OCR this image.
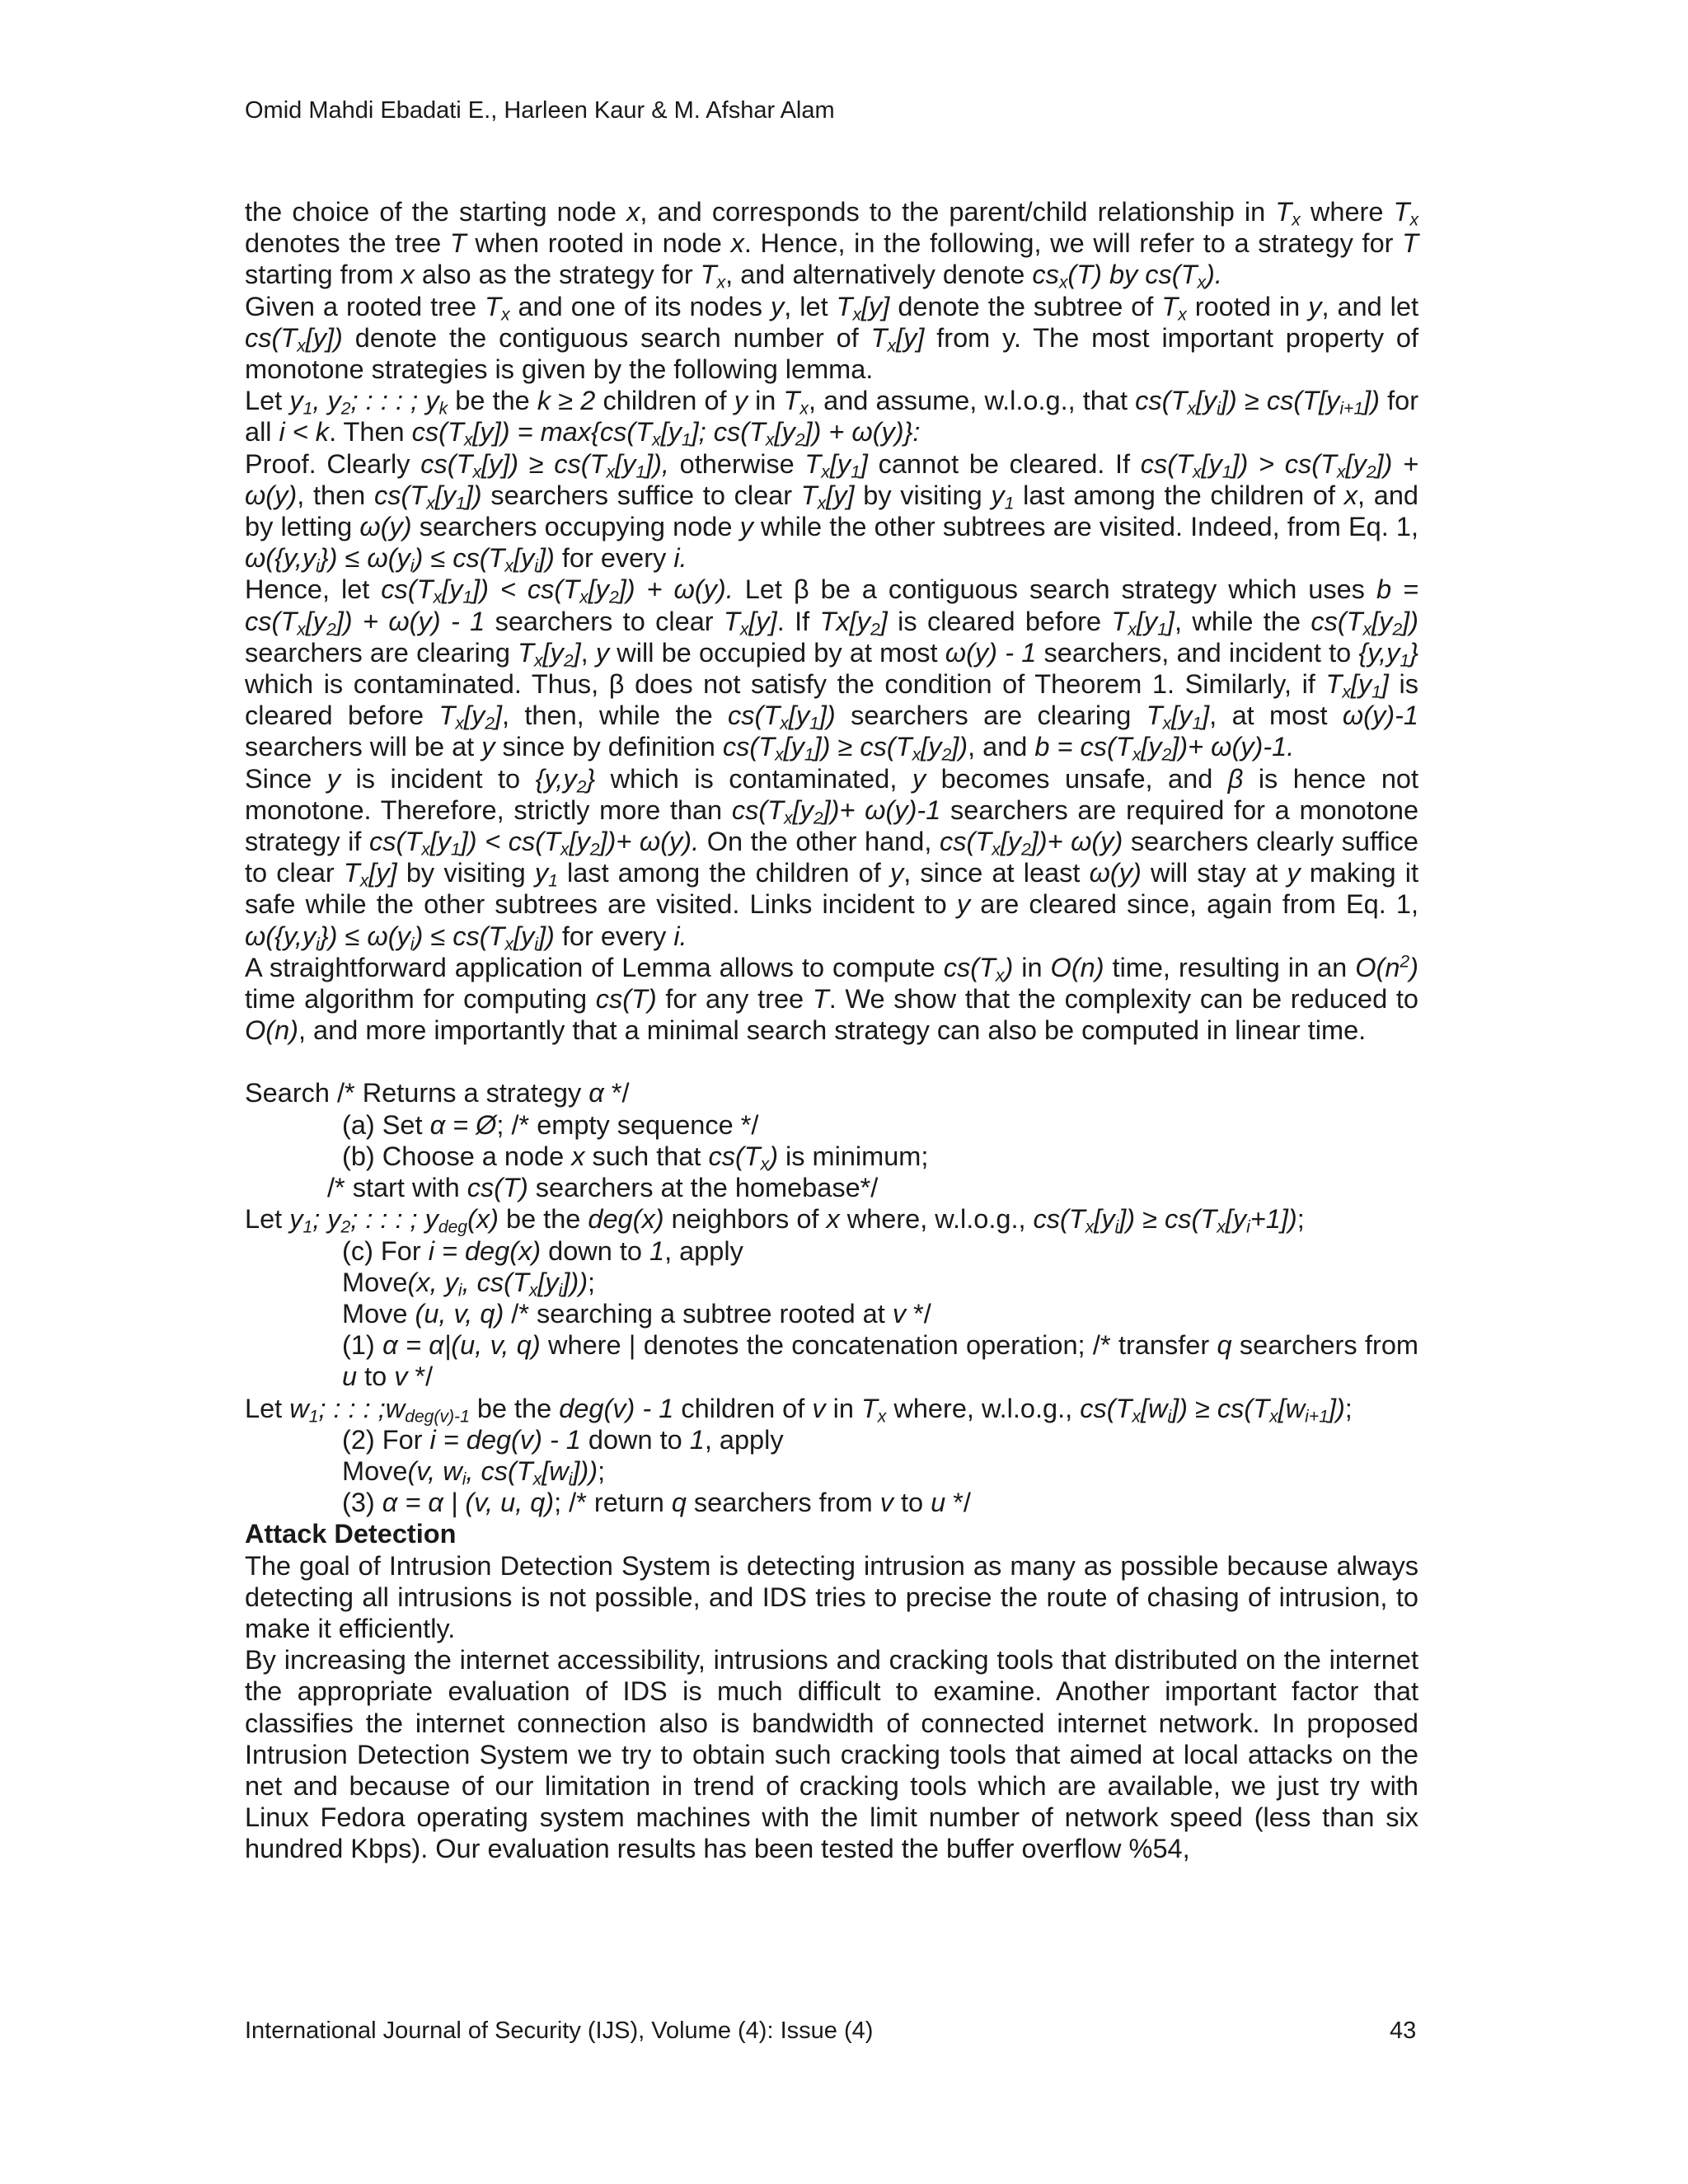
Omid Mahdi Ebadati E., Harleen Kaur & M. Afshar Alam

the choice of the starting node x, and corresponds to the parent/child relationship in $T_x$ where $T_x$ denotes the tree T when rooted in node x. Hence, in the following, we will refer to a strategy for T starting from x also as the strategy for $T_x$, and alternatively denote $cs_x(T)$ by $cs(T_x)$.

Given a rooted tree $T_x$ and one of its nodes y, let $T_x[y]$ denote the subtree of $T_x$ rooted in y, and let $cs(T_x[y])$ denote the contiguous search number of $T_x[y]$ from y. The most important property of monotone strategies is given by the following lemma.

Let $y_1$, $y_2$; : : : ; $y_k$ be the k ≥ 2 children of y in $T_x$, and assume, w.l.o.g., that $cs(T_x[y_i]) \ge cs(T[y_{i+1}])$ for all i < k. Then $cs(T_x[y]) = \max\{cs(T_x[y_1]$; $cs(T_x[y_2]) + \omega(y)$}:

Proof. Clearly $cs(T_x[y]) \ge cs(T_x[y_1])$, otherwise $T_x[y_1]$ cannot be cleared. If $cs(T_x[y_1]) > cs(T_x[y_2]) + \omega(y)$, then $cs(T_x[y_1])$ searchers suffice to clear $T_x[y]$ by visiting $y_1$ last among the children of x, and by letting ω(y) searchers occupying node y while the other subtrees are visited. Indeed, from Eq. 1, $\omega(\{y,y_i\}) \le \omega(y_i) \le cs(T_x[y_i])$ for every i.

Hence, let $cs(T_x[y_1]) < cs(T_x[y_2]) + \omega(y)$. Let β be a contiguous search strategy which uses $b = cs(T_x[y_2]) + \omega(y) - 1$ searchers to clear $T_x[y]$. If $Tx[y_2]$ is cleared before $T_x[y_1]$, while the $cs(T_x[y_2])$ searchers are clearing $T_x[y_2]$, y will be occupied by at most ω(y) - 1 searchers, and incident to $\{y,y_1\}$ which is contaminated. Thus, β does not satisfy the condition of Theorem 1. Similarly, if $T_x[y_1]$ is cleared before $T_x[y_2]$, then, while the $cs(T_x[y_1])$ searchers are clearing $T_x[y_1]$, at most ω(y)-1 searchers will be at y since by definition $cs(T_x[y_1]) \ge cs(T_x[y_2])$, and $b = cs(T_x[y_2])+ \omega(y)-1$.

Since y is incident to $\{y,y_2\}$ which is contaminated, y becomes unsafe, and β is hence not monotone. Therefore, strictly more than $cs(T_x[y_2])+ \omega(y)-1$ searchers are required for a monotone strategy if $cs(T_x[y_1]) < cs(T_x[y_2])+ \omega(y)$. On the other hand, $cs(T_x[y_2])+ \omega(y)$ searchers clearly suffice to clear $T_x[y]$ by visiting $y_1$ last among the children of y, since at least ω(y) will stay at y making it safe while the other subtrees are visited. Links incident to y are cleared since, again from Eq. 1, $\omega(\{y,y_i\}) \le \omega(y_i) \le cs(T_x[y_i])$ for every i.

A straightforward application of Lemma allows to compute $cs(T_x)$ in O(n) time, resulting in an $O(n^2)$ time algorithm for computing cs(T) for any tree T. We show that the complexity can be reduced to O(n), and more importantly that a minimal search strategy can also be computed in linear time.

Search /* Returns a strategy α */

(a) Set α = Ø; /* empty sequence */

(b) Choose a node x such that $cs(T_x)$ is minimum;

/* start with cs(T) searchers at the homebase*/

Let $y_1$; $y_2$; : : : ; $y_{deg}(x)$ be the deg(x) neighbors of x where, w.l.o.g., $cs(T_x[y_i]) \ge cs(T_x[y_i+1])$;

(c) For i = deg(x) down to 1, apply

Move(x, $y_i$, $cs(T_x[y_i])$);

Move (u, v, q) /* searching a subtree rooted at v */

(1) α = α|(u, v, q) where | denotes the concatenation operation; /* transfer q searchers from u to v */

Let $w_1$; : : : $;w_{deg(v)-1}$ be the deg(v) - 1 children of v in $T_x$ where, w.l.o.g., $cs(T_x[w_i]) \ge cs(T_x[w_{i+1}])$;

(2) For i = deg(v) - 1 down to 1, apply

Move(v, $w_i$, $cs(T_x[w_i])$);

(3) α = α | (v, u, q); /* return q searchers from v to u */

Attack Detection

The goal of Intrusion Detection System is detecting intrusion as many as possible because always detecting all intrusions is not possible, and IDS tries to precise the route of chasing of intrusion, to make it efficiently.

By increasing the internet accessibility, intrusions and cracking tools that distributed on the internet the appropriate evaluation of IDS is much difficult to examine. Another important factor that classifies the internet connection also is bandwidth of connected internet network. In proposed Intrusion Detection System we try to obtain such cracking tools that aimed at local attacks on the net and because of our limitation in trend of cracking tools which are available, we just try with Linux Fedora operating system machines with the limit number of network speed (less than six hundred Kbps). Our evaluation results has been tested the buffer overflow %54,

International Journal of Security (IJS), Volume (4): Issue (4)	43
